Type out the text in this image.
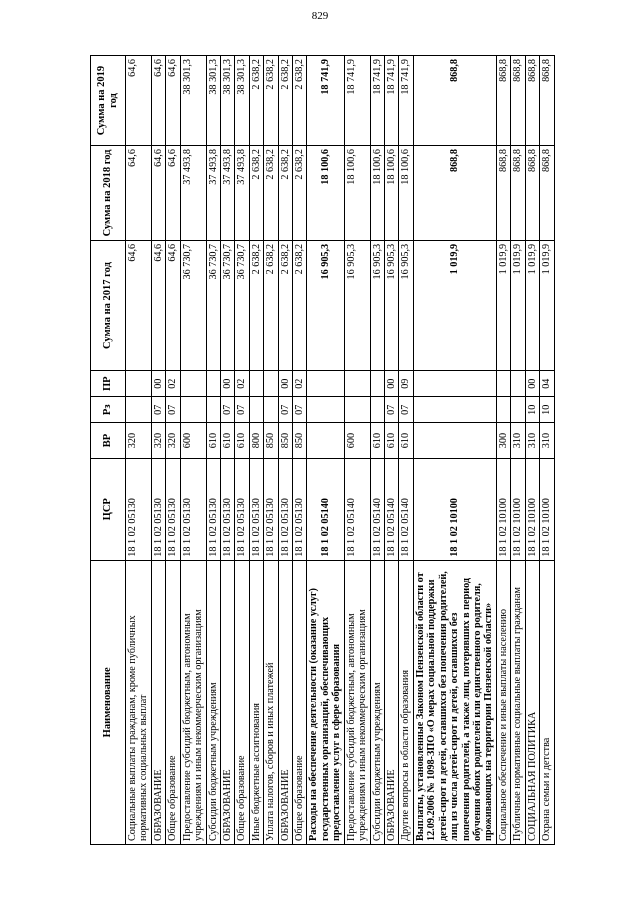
829
Наименование	ЦСР	ВР	Рз	ПР	Сумма на 2017 год	Сумма на 2018 год	Сумма на 2019 год
Социальные выплаты гражданам, кроме публичных нормативных социальных выплат	18 1 02 05130	320			64,6	64,6	64,6
ОБРАЗОВАНИЕ	18 1 02 05130	320	07	00	64,6	64,6	64,6
Общее образование	18 1 02 05130	320	07	02	64,6	64,6	64,6
Предоставление субсидий бюджетным, автономным учреждениям и иным некоммерческим организациям	18 1 02 05130	600			36 730,7	37 493,8	38 301,3
Субсидии бюджетным учреждениям	18 1 02 05130	610			36 730,7	37 493,8	38 301,3
ОБРАЗОВАНИЕ	18 1 02 05130	610	07	00	36 730,7	37 493,8	38 301,3
Общее образование	18 1 02 05130	610	07	02	36 730,7	37 493,8	38 301,3
Иные бюджетные ассигнования	18 1 02 05130	800			2 638,2	2 638,2	2 638,2
Уплата налогов, сборов и иных платежей	18 1 02 05130	850			2 638,2	2 638,2	2 638,2
ОБРАЗОВАНИЕ	18 1 02 05130	850	07	00	2 638,2	2 638,2	2 638,2
Общее образование	18 1 02 05130	850	07	02	2 638,2	2 638,2	2 638,2
Расходы на обеспечение деятельности (оказание услуг) государственных организаций, обеспечивающих предоставление услуг в сфере образования	18 1 02 05140				16 905,3	18 100,6	18 741,9
Предоставление субсидий бюджетным, автономным учреждениям и иным некоммерческим организациям	18 1 02 05140	600			16 905,3	18 100,6	18 741,9
Субсидии бюджетным учреждениям	18 1 02 05140	610			16 905,3	18 100,6	18 741,9
ОБРАЗОВАНИЕ	18 1 02 05140	610	07	00	16 905,3	18 100,6	18 741,9
Другие вопросы в области образования	18 1 02 05140	610	07	09	16 905,3	18 100,6	18 741,9
Выплаты, установленные Законом Пензенской области от 12.09.2006 № 1098-ЗПО «О мерах социальной поддержки детей-сирот и детей, оставшихся без попечения родителей, лиц из числа детей-сирот и детей, оставшихся без попечения родителей, а также лиц, потерявших в период обучения обоих родителей или единственного родителя, проживающих на территории Пензенской области»	18 1 02 10100				1 019,9	868,8	868,8
Социальное обеспечение и иные выплаты населению	18 1 02 10100	300			1 019,9	868,8	868,8
Публичные нормативные социальные выплаты гражданам	18 1 02 10100	310			1 019,9	868,8	868,8
СОЦИАЛЬНАЯ ПОЛИТИКА	18 1 02 10100	310	10	00	1 019,9	868,8	868,8
Охрана семьи и детства	18 1 02 10100	310	10	04	1 019,9	868,8	868,8
